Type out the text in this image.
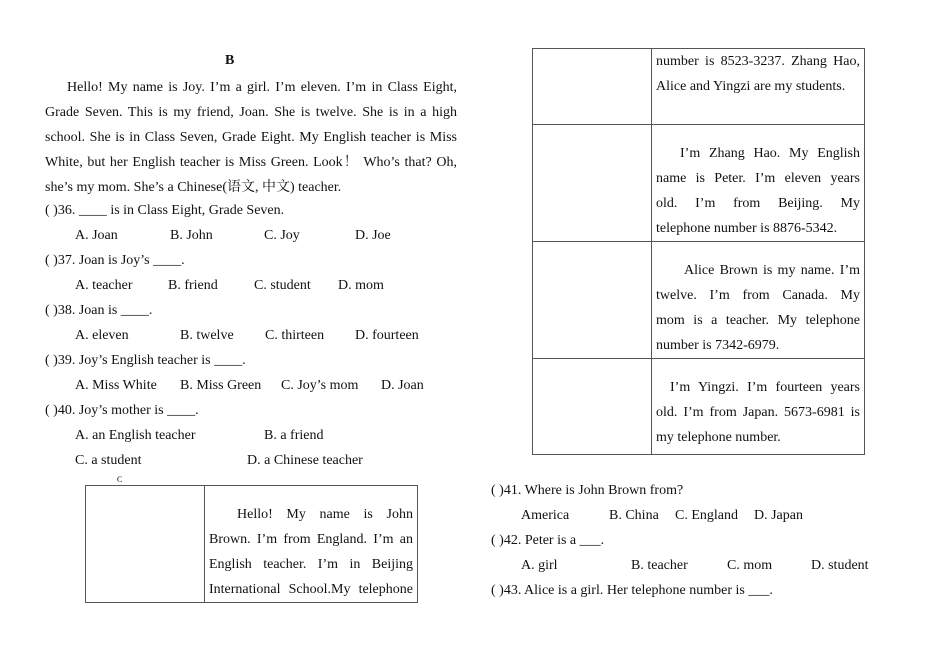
B
Hello! My name is Joy. I’m a girl. I’m eleven. I’m in Class Eight,
Grade Seven. This is my friend, Joan. She is twelve. She is in a high
school. She is in Class Seven, Grade Eight. My English teacher is Miss
White, but her English teacher is Miss Green. Look！ Who’s that? Oh,
she’s my mom. She’s a Chinese(语文, 中文) teacher.
( )36. ____ is in Class Eight, Grade Seven.
A. Joan	B. John	C. Joy	D. Joe
( )37. Joan is Joy’s ____.
A. teacher	B. friend	C. student D. mom
( )38. Joan is ____.
A. eleven	B. twelve C. thirteen D. fourteen
( )39. Joy’s English teacher is ____.
A. Miss White B. Miss Green C. Joy’s mom D. Joan
( )40. Joy’s mother is ____.
A. an English teacher	B. a friend
C. a student	D. a Chinese teacher
C

Hello! My name is John
Brown. I’m from England. I’m an
English teacher. I’m in Beijing
International School.My telephone

	number is 8523-3237. Zhang Hao,
Alice and Yingzi are my students.

	I’m Zhang Hao. My English
name is Peter. I’m eleven years
old. I’m from Beijing. My
telephone number is 8876-5342.

	Alice Brown is my name. I’m
twelve. I’m from Canada. My
mom is a teacher. My telephone
number is 7342-6979.

	I’m Yingzi. I’m fourteen years
old. I’m from Japan. 5673-6981 is
my telephone number.
( )41. Where is John Brown from?
America	B. China C. England D. Japan
( )42. Peter is a ___.
A. girl	B. teacher	C. mom	D. student
( )43. Alice is a girl. Her telephone number is ___.
